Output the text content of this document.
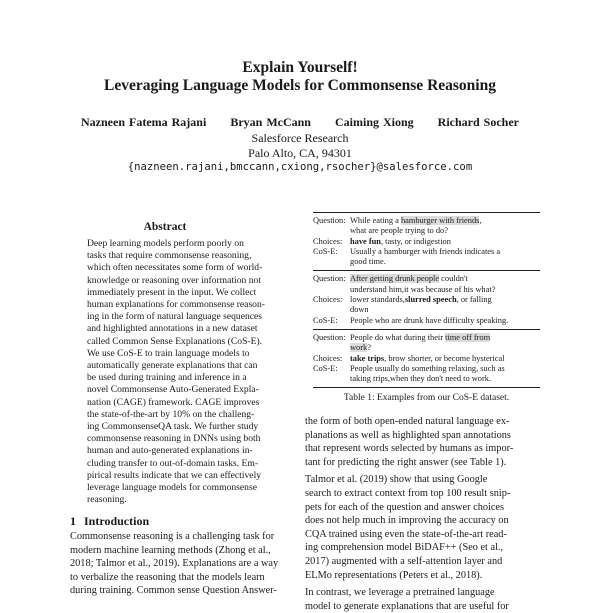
Explain Yourself!
Leveraging Language Models for Commonsense Reasoning
Nazneen Fatema Rajani Bryan McCann Caiming Xiong Richard Socher
Salesforce Research
Palo Alto, CA, 94301
{nazneen.rajani,bmccann,cxiong,rsocher}@salesforce.com
Abstract
Deep learning models perform poorly on
tasks that require commonsense reasoning,
which often necessitates some form of world-
knowledge or reasoning over information not
immediately present in the input. We collect
human explanations for commonsense reason-
ing in the form of natural language sequences
and highlighted annotations in a new dataset
called Common Sense Explanations (CoS-E).
We use CoS-E to train language models to
automatically generate explanations that can
be used during training and inference in a
novel Commonsense Auto-Generated Expla-
nation (CAGE) framework. CAGE improves
the state-of-the-art by 10% on the challeng-
ing CommonsenseQA task. We further study
commonsense reasoning in DNNs using both
human and auto-generated explanations in-
cluding transfer to out-of-domain tasks. Em-
pirical results indicate that we can effectively
leverage language models for commonsense
reasoning.
1 Introduction
Commonsense reasoning is a challenging task for
modern machine learning methods (Zhong et al.,
2018; Talmor et al., 2019). Explanations are a way
to verbalize the reasoning that the models learn
during training. Common sense Question Answer-
Question: While eating a hamburger with friends,
what are people trying to do?
Choices: have fun, tasty, or indigestion
CoS-E:	Usually a hamburger with friends indicates a
good time.
Question: After getting drunk people couldn't
understand him,it was because of his what?
Choices: lower standards,slurred speech, or falling
down
CoS-E:	People who are drunk have difficulty speaking.
Question: People do what during their time off from
work?
Choices: take trips, brow shorter, or become hysterical
CoS-E:	People usually do something relaxing, such as
taking trips,when they don't need to work.
Table 1: Examples from our CoS-E dataset.
the form of both open-ended natural language ex-
planations as well as highlighted span annotations
that represent words selected by humans as impor-
tant for predicting the right answer (see Table 1).
Talmor et al. (2019) show that using Google
search to extract context from top 100 result snip-
pets for each of the question and answer choices
does not help much in improving the accuracy on
CQA trained using even the state-of-the-art read-
ing comprehension model BiDAF++ (Seo et al.,
2017) augmented with a self-attention layer and
ELMo representations (Peters et al., 2018).
In contrast, we leverage a pretrained language
model to generate explanations that are useful for
